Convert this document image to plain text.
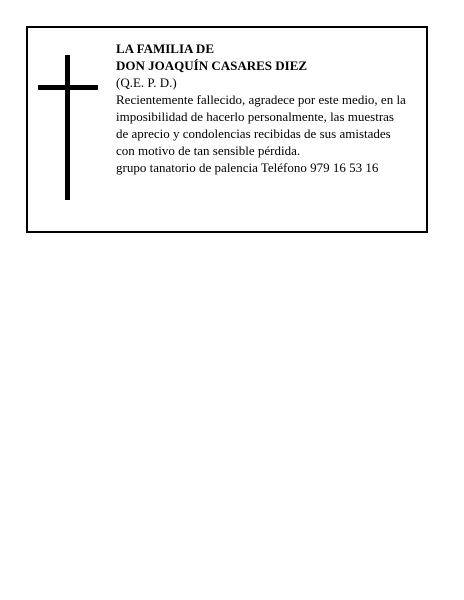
LA FAMILIA DE
DON JOAQUÍN CASARES DIEZ
(Q.E. P. D.)
Recientemente fallecido, agradece por este medio, en la
imposibilidad de hacerlo personalmente, las muestras
de aprecio y condolencias recibidas de sus amistades
con motivo de tan sensible pérdida.
grupo tanatorio de palencia Teléfono 979 16 53 16
